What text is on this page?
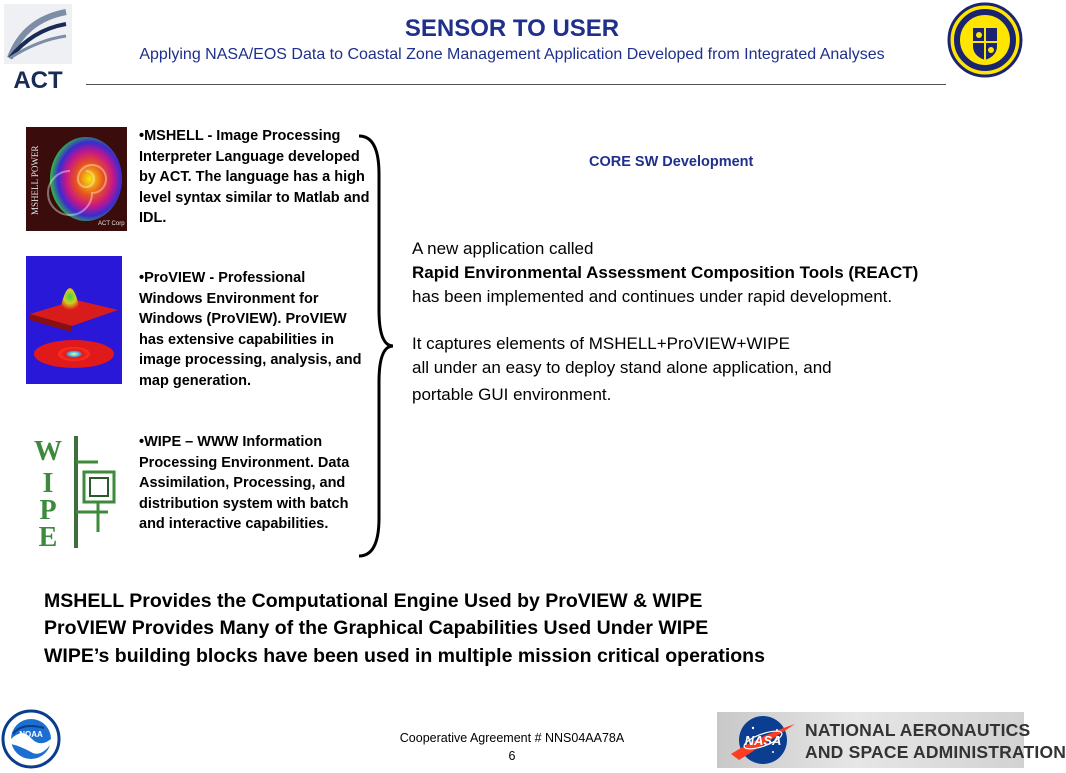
ACT
SENSOR TO USER
Applying NASA/EOS Data to Coastal Zone Management Application Developed from Integrated Analyses
MSHELL POWER
ACT Corp
W
I
P
E
•MSHELL - Image Processing Interpreter Language developed by ACT. The language has a high level syntax similar to Matlab and IDL.
•ProVIEW - Professional Windows Environment for Windows (ProVIEW). ProVIEW has extensive capabilities in image processing, analysis, and map generation.
•WIPE – WWW Information Processing Environment. Data Assimilation, Processing, and distribution system with batch and interactive capabilities.
CORE SW Development
A new application called
Rapid Environmental Assessment Composition Tools (REACT)
has been implemented and continues under rapid development.
It captures elements of MSHELL+ProVIEW+WIPE
all under an easy to deploy stand alone application, and
portable GUI environment.
MSHELL Provides the Computational Engine Used by ProVIEW & WIPE
ProVIEW Provides Many of the Graphical Capabilities Used Under WIPE
WIPE’s building blocks have been used in multiple mission critical operations
NOAA	Cooperative Agreement # NNS04AA78A
6
NASA
NATIONAL AERONAUTICS
AND SPACE ADMINISTRATION
